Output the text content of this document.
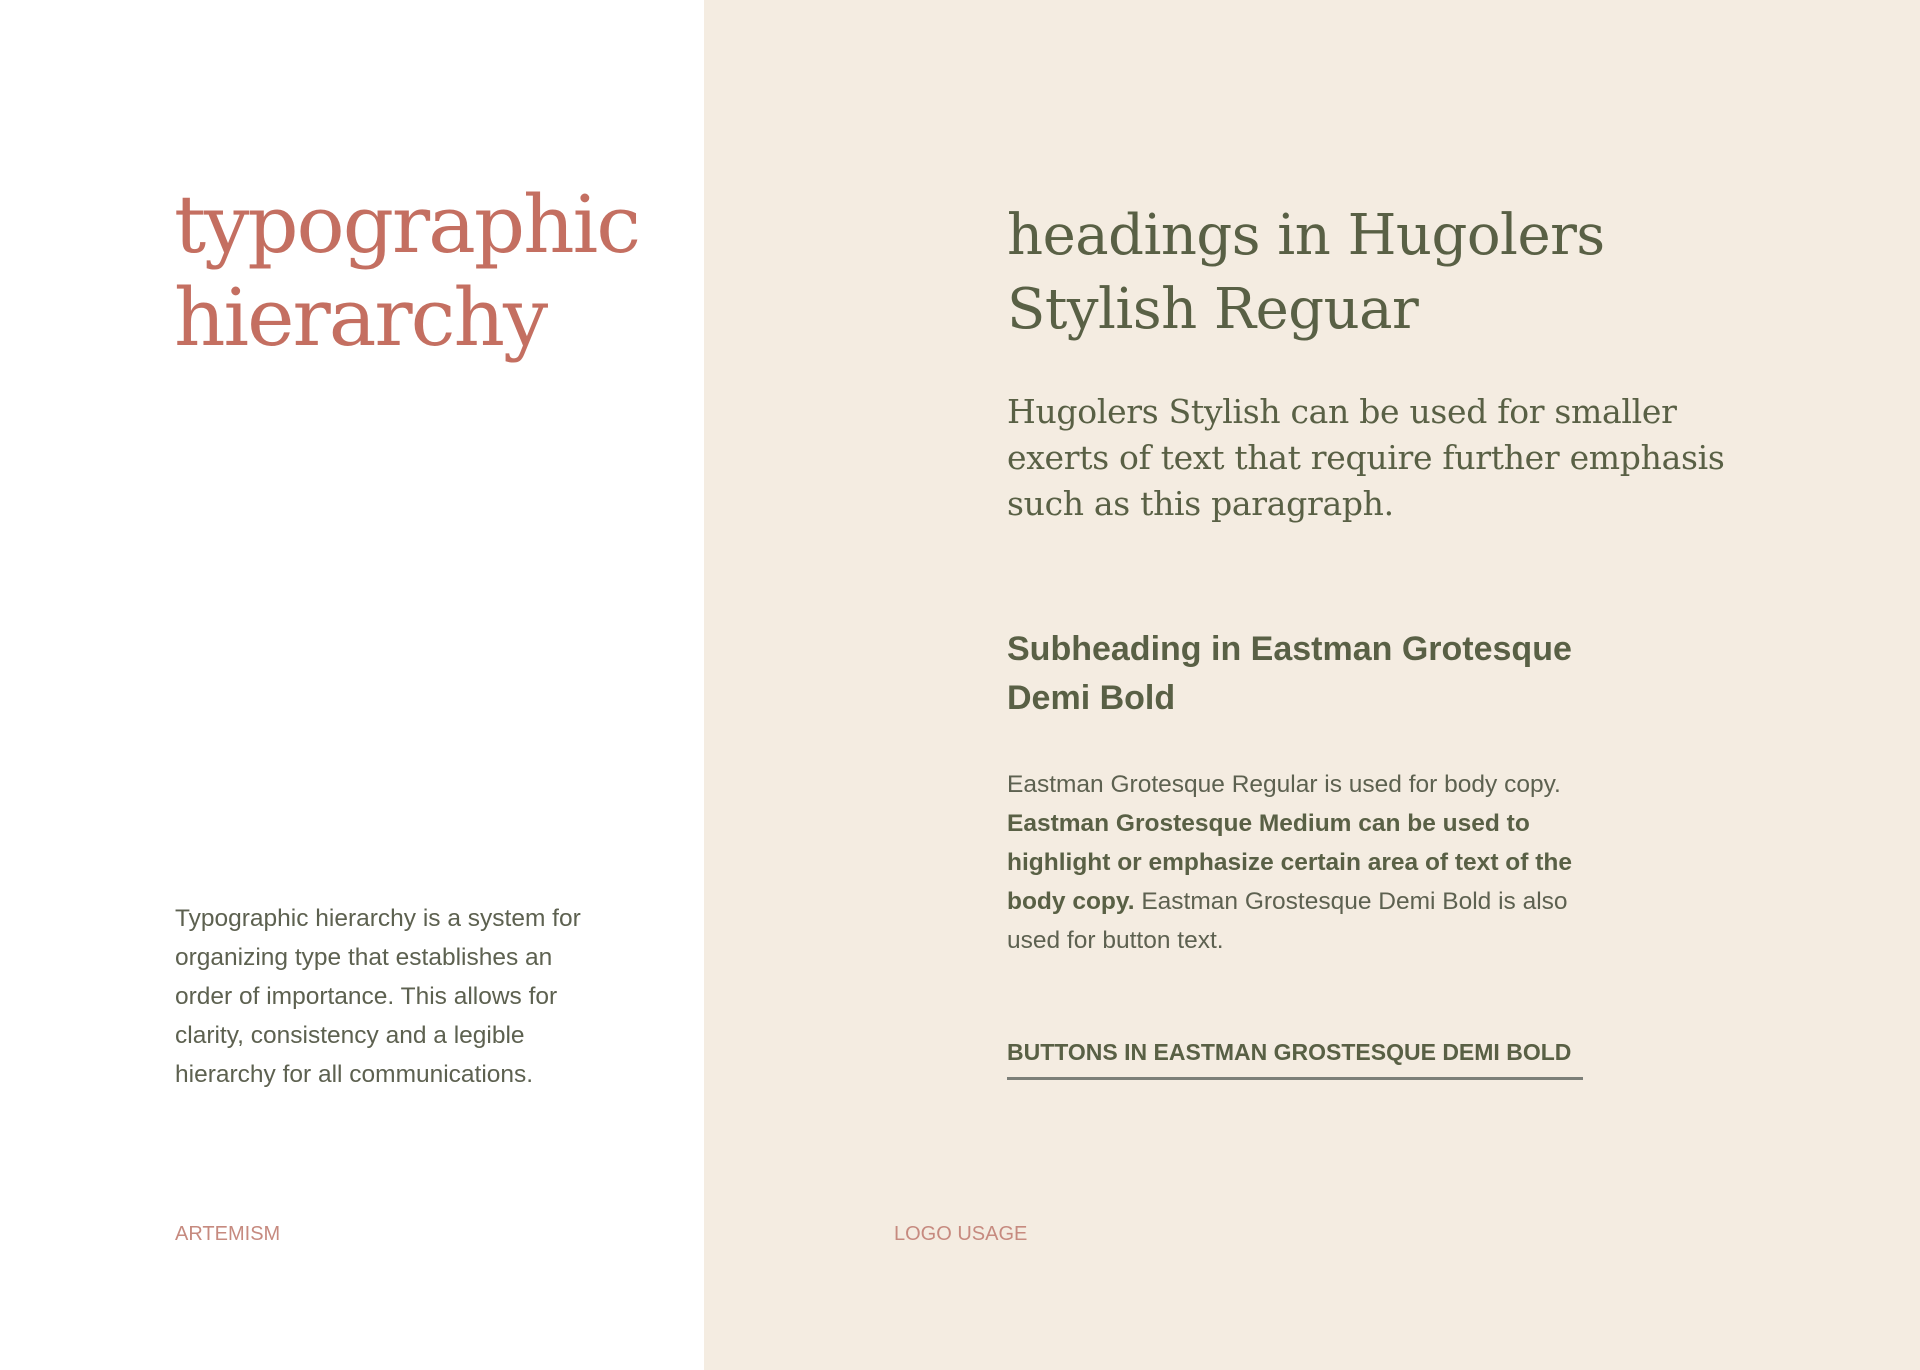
typographic
hierarchy

Typographic hierarchy is a system for organizing type that establishes an order of importance. This allows for clarity, consistency and a legible hierarchy for all communications.

ARTEMISM

headings in Hugolers
Stylish Reguar

Hugolers Stylish can be used for smaller
exerts of text that require further emphasis
such as this paragraph.

Subheading in Eastman Grotesque
Demi Bold

Eastman Grotesque Regular is used for body copy. Eastman Grostesque Medium can be used to highlight or emphasize certain area of text of the body copy. Eastman Grostesque Demi Bold is also used for button text.

BUTTONS IN EASTMAN GROSTESQUE DEMI BOLD

LOGO USAGE
